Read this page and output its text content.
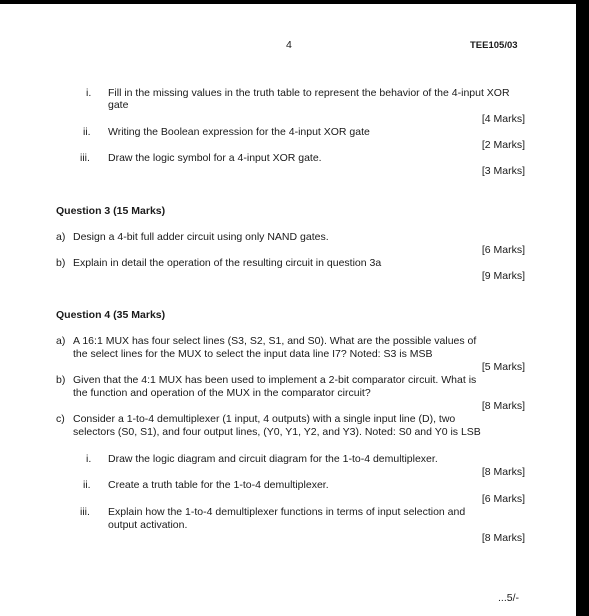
4	TEE105/03
i. Fill in the missing values in the truth table to represent the behavior of the 4-input XOR gate
[4 Marks]
ii. Writing the Boolean expression for the 4-input XOR gate
[2 Marks]
iii. Draw the logic symbol for a 4-input XOR gate.
[3 Marks]
Question 3 (15 Marks)
a) Design a 4-bit full adder circuit using only NAND gates.
[6 Marks]
b) Explain in detail the operation of the resulting circuit in question 3a
[9 Marks]
Question 4 (35 Marks)
a) A 16:1 MUX has four select lines (S3, S2, S1, and S0). What are the possible values of
the select lines for the MUX to select the input data line I7? Noted: S3 is MSB
[5 Marks]
b) Given that the 4:1 MUX has been used to implement a 2-bit comparator circuit. What is
the function and operation of the MUX in the comparator circuit?
[8 Marks]
c) Consider a 1-to-4 demultiplexer (1 input, 4 outputs) with a single input line (D), two
selectors (S0, S1), and four output lines, (Y0, Y1, Y2, and Y3). Noted: S0 and Y0 is LSB
i. Draw the logic diagram and circuit diagram for the 1-to-4 demultiplexer.
[8 Marks]
ii. Create a truth table for the 1-to-4 demultiplexer.
[6 Marks]
iii. Explain how the 1-to-4 demultiplexer functions in terms of input selection and
output activation.
[8 Marks]
...5/-
